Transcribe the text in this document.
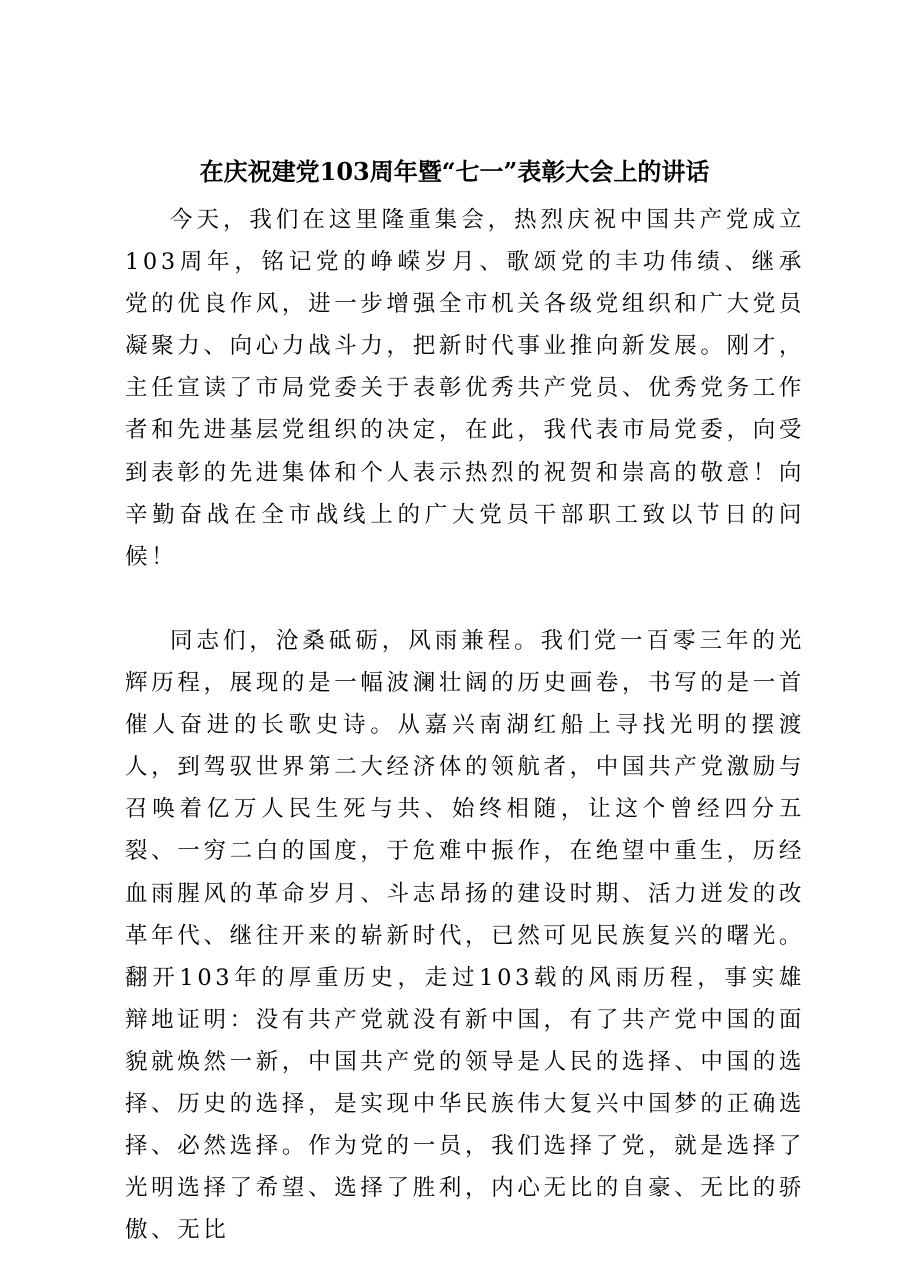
在庆祝建党103周年暨“七一”表彰大会上的讲话

今天，我们在这里隆重集会，热烈庆祝中国共产党成立103周年，铭记党的峥嵘岁月、歌颂党的丰功伟绩、继承党的优良作风，进一步增强全市机关各级党组织和广大党员凝聚力、向心力战斗力，把新时代事业推向新发展。刚才，主任宣读了市局党委关于表彰优秀共产党员、优秀党务工作者和先进基层党组织的决定，在此，我代表市局党委，向受到表彰的先进集体和个人表示热烈的祝贺和崇高的敬意！向辛勤奋战在全市战线上的广大党员干部职工致以节日的问候！

同志们，沧桑砥砺，风雨兼程。我们党一百零三年的光辉历程，展现的是一幅波澜壮阔的历史画卷，书写的是一首催人奋进的长歌史诗。从嘉兴南湖红船上寻找光明的摆渡人，到驾驭世界第二大经济体的领航者，中国共产党激励与召唤着亿万人民生死与共、始终相随，让这个曾经四分五裂、一穷二白的国度，于危难中振作，在绝望中重生，历经血雨腥风的革命岁月、斗志昂扬的建设时期、活力迸发的改革年代、继往开来的崭新时代，已然可见民族复兴的曙光。翻开103年的厚重历史，走过103载的风雨历程，事实雄辩地证明：没有共产党就没有新中国，有了共产党中国的面貌就焕然一新，中国共产党的领导是人民的选择、中国的选择、历史的选择，是实现中华民族伟大复兴中国梦的正确选择、必然选择。作为党的一员，我们选择了党，就是选择了光明选择了希望、选择了胜利，内心无比的自豪、无比的骄傲、无比
